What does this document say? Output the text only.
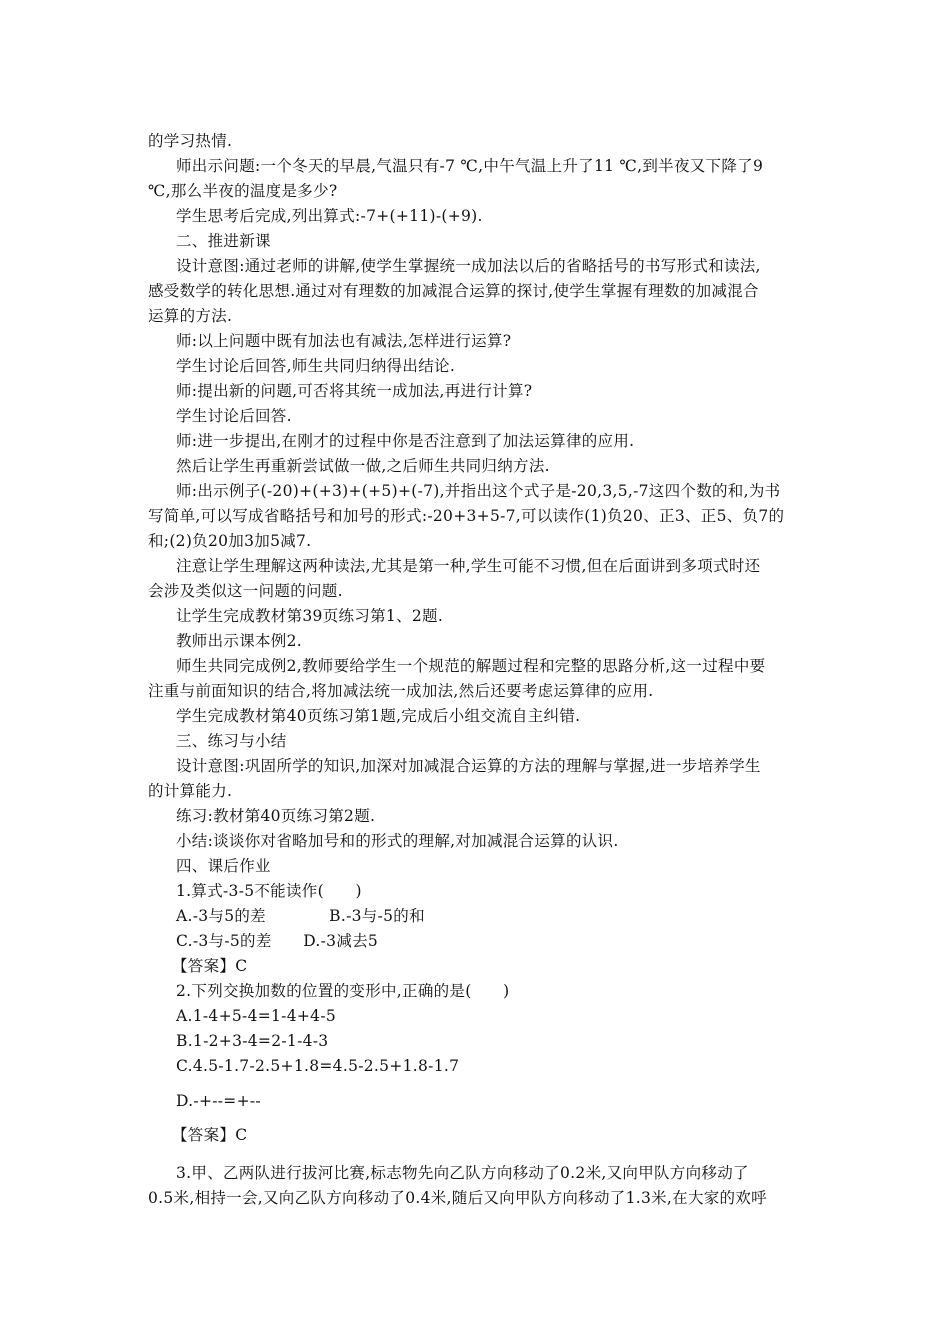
的学习热情.
师出示问题:一个冬天的早晨,气温只有-7 ℃,中午气温上升了11 ℃,到半夜又下降了9
℃,那么半夜的温度是多少?
学生思考后完成,列出算式:-7+(+11)-(+9).
二、推进新课
设计意图:通过老师的讲解,使学生掌握统一成加法以后的省略括号的书写形式和读法,
感受数学的转化思想.通过对有理数的加减混合运算的探讨,使学生掌握有理数的加减混合
运算的方法.
师:以上问题中既有加法也有减法,怎样进行运算?
学生讨论后回答,师生共同归纳得出结论.
师:提出新的问题,可否将其统一成加法,再进行计算?
学生讨论后回答.
师:进一步提出,在刚才的过程中你是否注意到了加法运算律的应用.
然后让学生再重新尝试做一做,之后师生共同归纳方法.
师:出示例子(-20)+(+3)+(+5)+(-7),并指出这个式子是-20,3,5,-7这四个数的和,为书
写简单,可以写成省略括号和加号的形式:-20+3+5-7,可以读作(1)负20、正3、正5、负7的
和;(2)负20加3加5减7.
注意让学生理解这两种读法,尤其是第一种,学生可能不习惯,但在后面讲到多项式时还
会涉及类似这一问题的问题.
让学生完成教材第39页练习第1、2题.
教师出示课本例2.
师生共同完成例2,教师要给学生一个规范的解题过程和完整的思路分析,这一过程中要
注重与前面知识的结合,将加减法统一成加法,然后还要考虑运算律的应用.
学生完成教材第40页练习第1题,完成后小组交流自主纠错.
三、练习与小结
设计意图:巩固所学的知识,加深对加减混合运算的方法的理解与掌握,进一步培养学生
的计算能力.
练习:教材第40页练习第2题.
小结:谈谈你对省略加号和的形式的理解,对加减混合运算的认识.
四、课后作业
1.算式-3-5不能读作(　　)
A.-3与5的差　　　　B.-3与-5的和
C.-3与-5的差　　D.-3减去5
【答案】C
2.下列交换加数的位置的变形中,正确的是(　　)
A.1-4+5-4=1-4+4-5
B.1-2+3-4=2-1-4-3
C.4.5-1.7-2.5+1.8=4.5-2.5+1.8-1.7
D.-+--=+--
【答案】C
3.甲、乙两队进行拔河比赛,标志物先向乙队方向移动了0.2米,又向甲队方向移动了
0.5米,相持一会,又向乙队方向移动了0.4米,随后又向甲队方向移动了1.3米,在大家的欢呼
